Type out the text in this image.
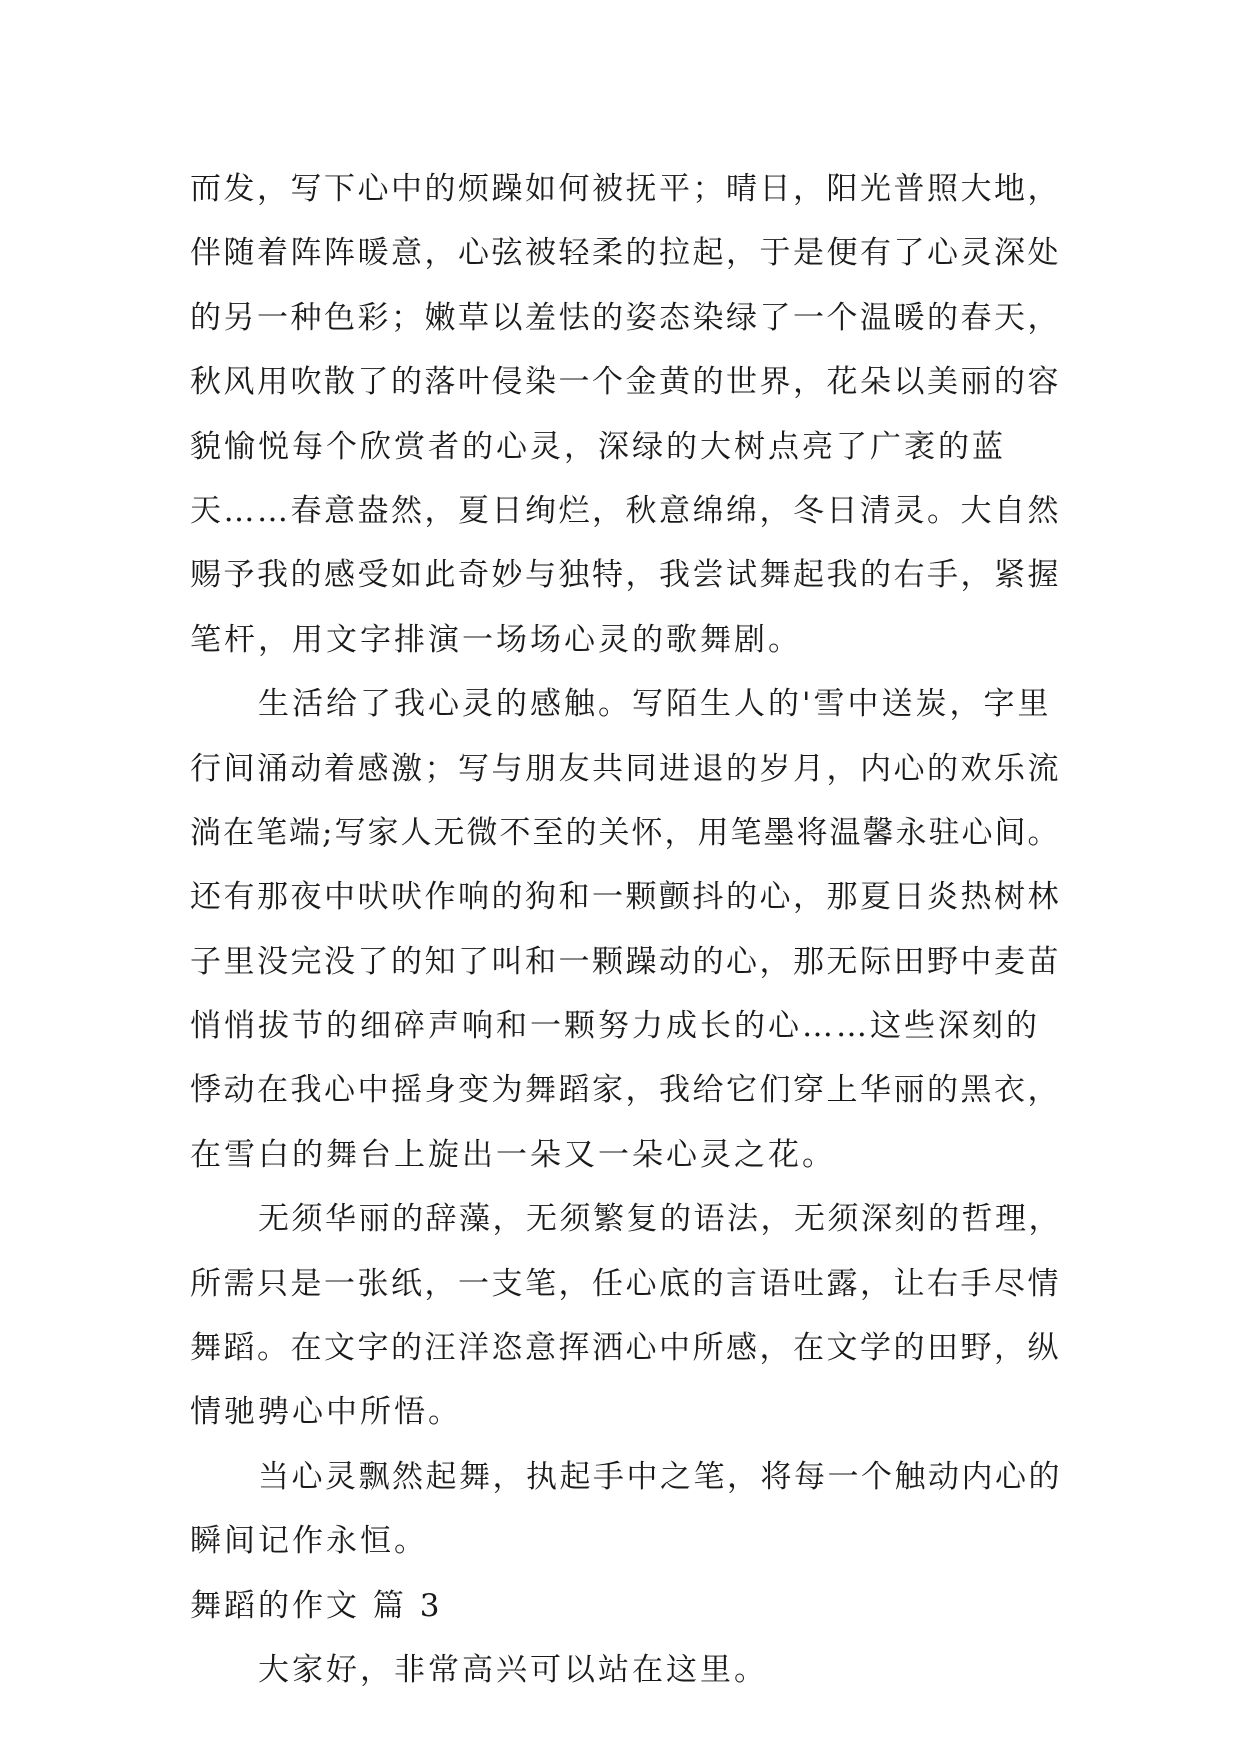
而发，写下心中的烦躁如何被抚平；晴日，阳光普照大地，
伴随着阵阵暖意，心弦被轻柔的拉起，于是便有了心灵深处
的另一种色彩；嫩草以羞怯的姿态染绿了一个温暖的春天，
秋风用吹散了的落叶侵染一个金黄的世界，花朵以美丽的容
貌愉悦每个欣赏者的心灵，深绿的大树点亮了广袤的蓝
天……春意盎然，夏日绚烂，秋意绵绵，冬日清灵。大自然
赐予我的感受如此奇妙与独特，我尝试舞起我的右手，紧握
笔杆，用文字排演一场场心灵的歌舞剧。
生活给了我心灵的感触。写陌生人的'雪中送炭，字里
行间涌动着感激；写与朋友共同进退的岁月，内心的欢乐流
淌在笔端;写家人无微不至的关怀，用笔墨将温馨永驻心间。
还有那夜中吠吠作响的狗和一颗颤抖的心，那夏日炎热树林
子里没完没了的知了叫和一颗躁动的心，那无际田野中麦苗
悄悄拔节的细碎声响和一颗努力成长的心……这些深刻的
悸动在我心中摇身变为舞蹈家，我给它们穿上华丽的黑衣，
在雪白的舞台上旋出一朵又一朵心灵之花。
无须华丽的辞藻，无须繁复的语法，无须深刻的哲理，
所需只是一张纸，一支笔，任心底的言语吐露，让右手尽情
舞蹈。在文字的汪洋恣意挥洒心中所感，在文学的田野，纵
情驰骋心中所悟。
当心灵飘然起舞，执起手中之笔，将每一个触动内心的
瞬间记作永恒。
舞蹈的作文 篇 3
大家好，非常高兴可以站在这里。
